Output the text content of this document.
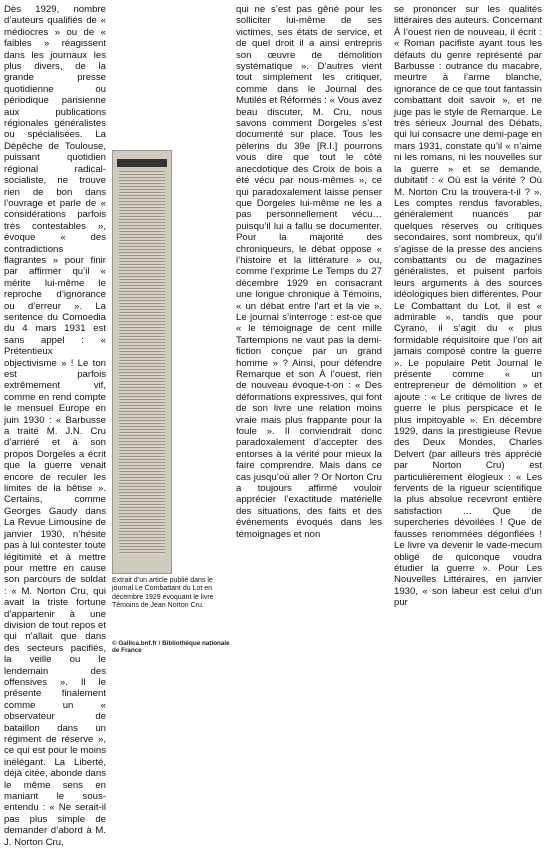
Dès 1929, nombre d’auteurs qualifiés de « médiocres » ou de « faibles » réagissent dans les journaux les plus divers, de la grande presse quotidienne ou périodique parisienne aux publications régionales généralistes ou spécialisées. La Dépêche de Toulouse, puissant quotidien régional radical-socialiste, ne trouve rien de bon dans l’ouvrage et parle de « considérations parfois très contestables », évoque « des contradictions flagrantes » pour finir par affirmer qu’il « mérite lui-même le reproche d’ignorance ou d’erreur ». La sentence du Comoedia du 4 mars 1931 est sans appel : « Prétentieux objectivisme » ! Le ton est parfois extrêmement vif, comme en rend compte le mensuel Europe en juin 1930 : « Barbusse a traité M. J.N. Cru d’arriéré et à son propos Dorgeles a écrit que la guerre venait encore de reculer les limites de la bêtise ». Certains, comme Georges Gaudy dans La Revue Limousine de janvier 1930, n’hésite pas à lui contester toute légitimité et à mettre pour mettre en cause son parcours de soldat : « M. Norton Cru, qui avait la triste fortune d’appartenir à une division de tout repos et qui n’allait que dans des secteurs pacifiés, la veille ou le lendemain des offensives ». Il le présente finalement comme un « observateur de bataillon dans un régiment de réserve », ce qui est pour le moins inélégant. La Liberté, déjà citée, abonde dans le même sens en maniant le sous-entendu : « Ne serait-il pas plus simple de demander d’abord à M. J. Norton Cru,

Extrait d’un article publié dans le journal Le Combattant du Lot en décembre 1929 évoquant le livre Témoins de Jean Norton Cru.
© Gallica.bnf.fr / Bibliothèque nationale de France

qui ne s’est pas gêné pour les solliciter lui-même de ses victimes, ses états de service, et de quel droit il a ainsi entrepris son œuvre de démolition systématique ». D’autres vient tout simplement les critiquer, comme dans le Journal des Mutilés et Réformés : « Vous avez beau discuter, M. Cru, nous savons comment Dorgeles s’est documenté sur place. Tous les pèlerins du 39e [R.I.] pourrons vous dire que tout le côté anecdotique des Croix de bois a été vécu par nous-mêmes », ce qui paradoxalement laisse penser que Dorgeles lui-même ne les a pas personnellement vécu… puisqu’il lui a fallu se documenter. Pour la majorité des chroniqueurs, le débat oppose « l’histoire et la littérature » ou, comme l’exprime Le Temps du 27 décembre 1929 en consacrant une longue chronique à Témoins, « un débat entre l’art et la vie ». Le journal s’interroge : est-ce que « le témoignage de cent mille Tartempions ne vaut pas la demi-fiction conçue par un grand homme » ? Ainsi, pour défendre Remarque et son À l’ouest, rien de nouveau évoque-t-on : « Des déformations expressives, qui font de son livre une relation moins vraie mais plus frappante pour la foule ». Il conviendrait donc paradoxalement d’accepter des entorses à la vérité pour mieux la faire comprendre. Mais dans ce cas jusqu’où aller ? Or Norton Cru a toujours affirmé vouloir apprécier l’exactitude matérielle des situations, des faits et des événements évoqués dans les témoignages et non

se prononcer sur les qualités littéraires des auteurs. Concernant À l’ouest rien de nouveau, il écrit : « Roman pacifiste ayant tous les défauts du genre représenté par Barbusse : outrance du macabre, meurtre à l’arme blanche, ignorance de ce que tout fantassin combattant doit savoir », et ne juge pas le style de Remarque. Le très sérieux Journal des Débats, qui lui consacre une demi-page en mars 1931, constate qu’il « n’aime ni les romans, ni les nouvelles sur la guerre » et se demande, dubitatif : « Où est la vérité ? Où M. Norton Cru la trouvera-t-il ? ». Les comptes rendus favorables, généralement nuancés par quelques réserves ou critiques secondaires, sont nombreux, qu’il s’agisse de la presse des anciens combattants ou de magazines généralistes, et puisent parfois leurs arguments à des sources idéologiques bien différentes. Pour Le Combattant du Lot, il est « admirable », tandis que pour Cyrano, il s’agit du « plus formidable réquisitoire que l’on ait jamais composé contre la guerre ». Le populaire Petit Journal le présente comme « un entrepreneur de démolition » et ajoute : « Le critique de livres de guerre le plus perspicace et le plus impitoyable ». En décembre 1929, dans la prestigieuse Revue des Deux Mondes, Charles Delvert (par ailleurs très apprécié par Norton Cru) est particulièrement élogieux : « Les fervents de la rigueur scientifique la plus absolue recevront entière satisfaction … Que de supercheries dévoilées ! Que de fausses renommées dégonflées ! Le livre va devenir le vade-mecum obligé de quiconque voudra étudier la guerre ». Pour Les Nouvelles Littéraires, en janvier 1930, « son labeur est celui d’un pur
